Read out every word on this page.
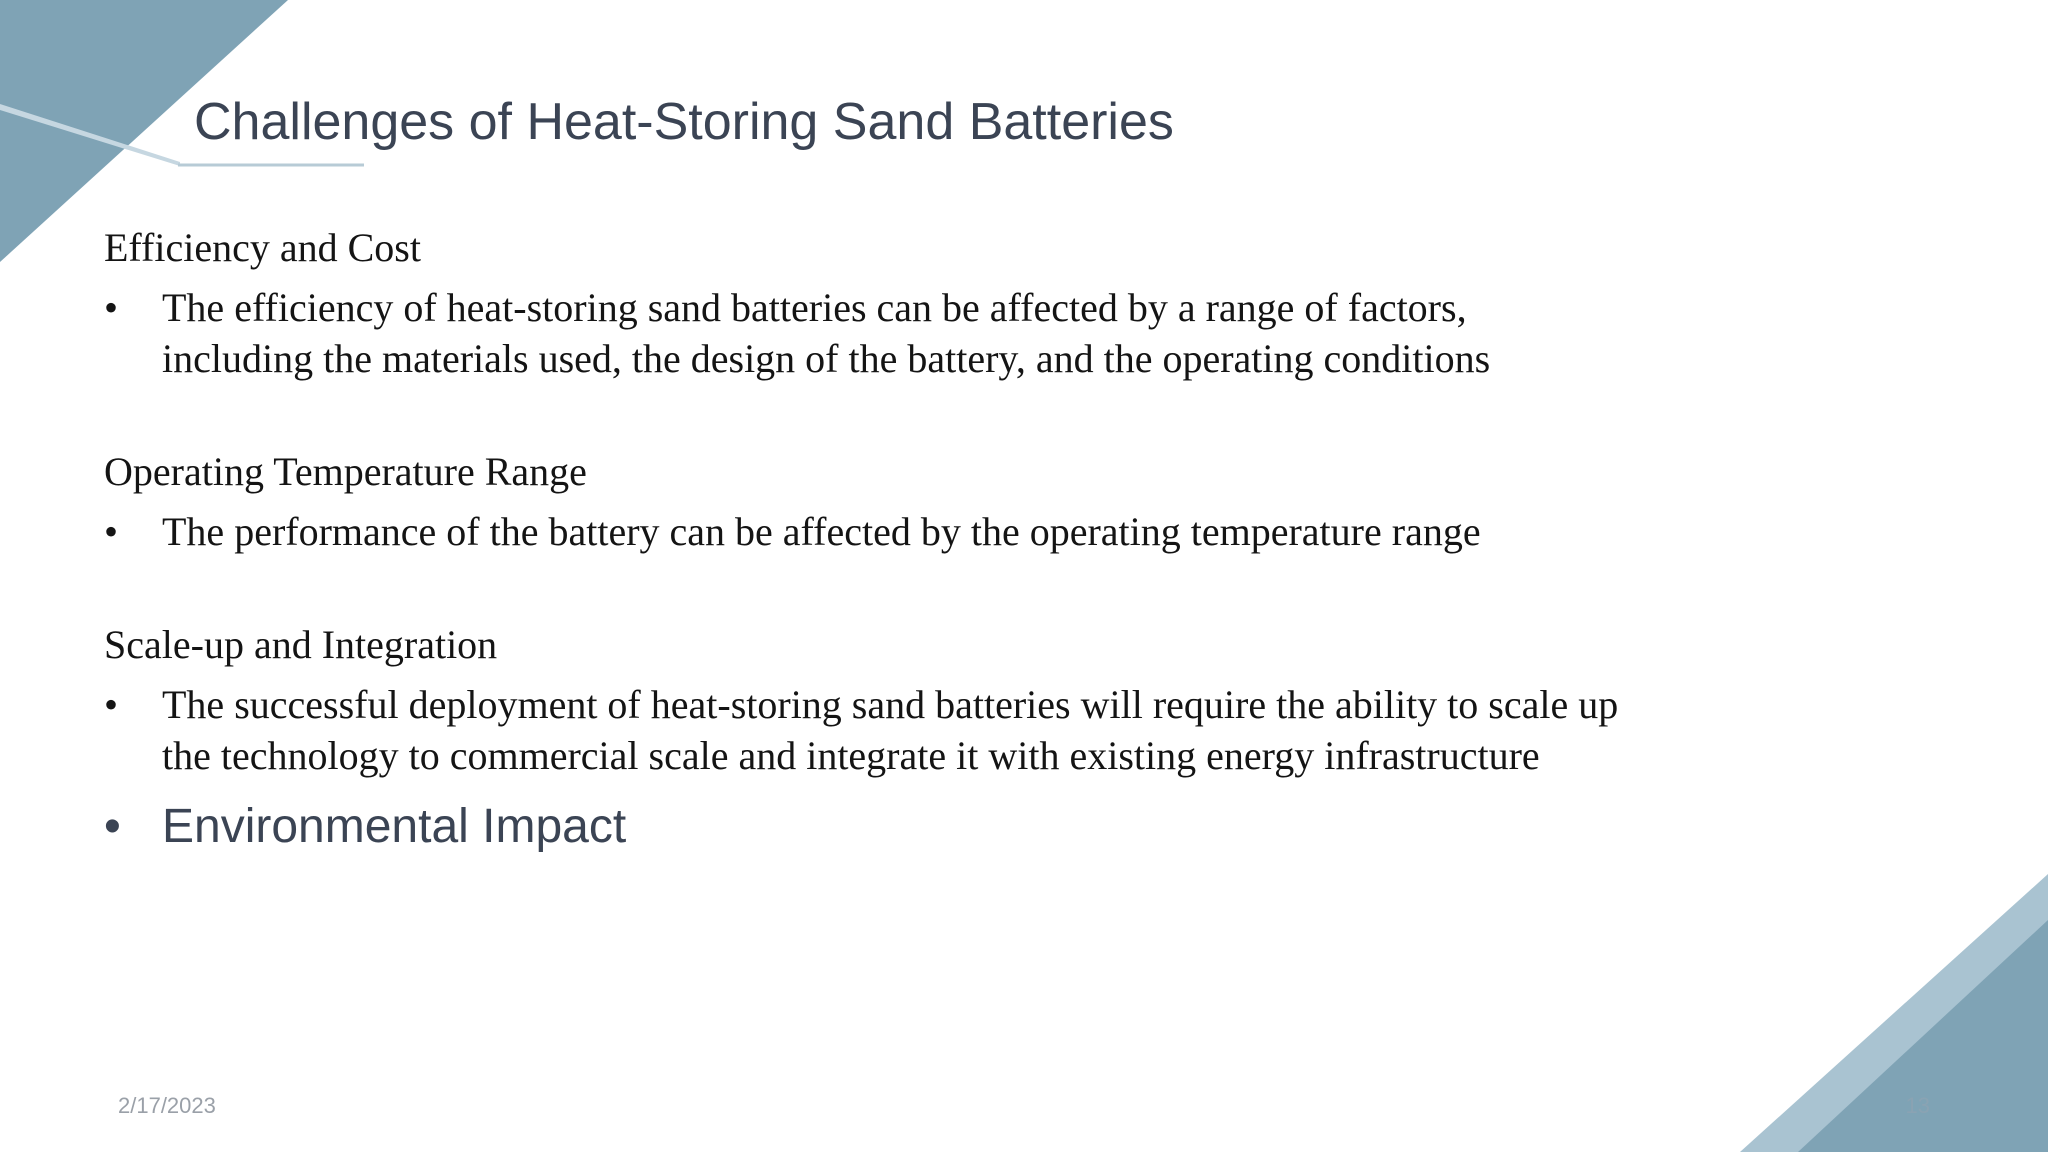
Challenges of Heat-Storing Sand Batteries

Efficiency and Cost

• The efficiency of heat-storing sand batteries can be affected by a range of factors, including the materials used, the design of the battery, and the operating conditions

Operating Temperature Range

• The performance of the battery can be affected by the operating temperature range

Scale-up and Integration

• The successful deployment of heat-storing sand batteries will require the ability to scale up the technology to commercial scale and integrate it with existing energy infrastructure
• Environmental Impact
2/17/2023	13
